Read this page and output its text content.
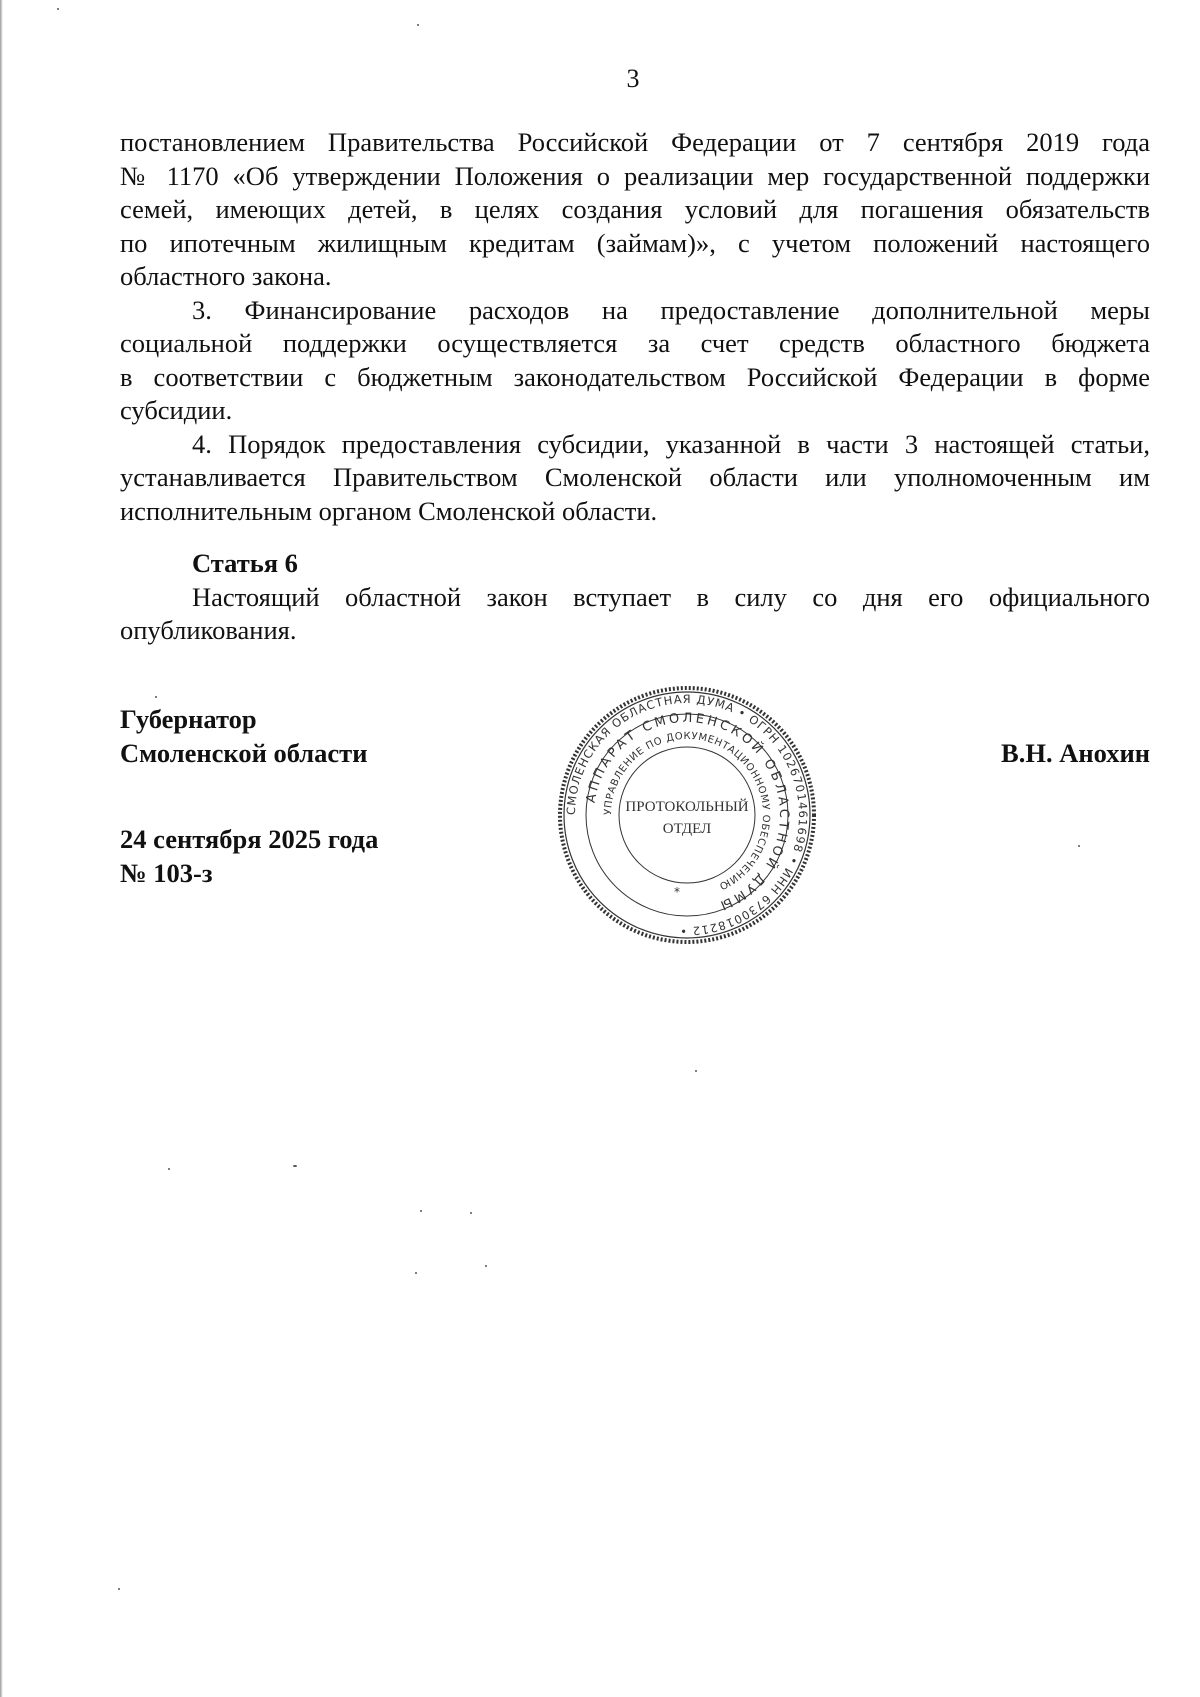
3

постановлением Правительства Российской Федерации от 7 сентября 2019 года
№ 1170 «Об утверждении Положения о реализации мер государственной поддержки
семей, имеющих детей, в целях создания условий для погашения обязательств
по ипотечным жилищным кредитам (займам)», с учетом положений настоящего
областного закона.

3. Финансирование расходов на предоставление дополнительной меры
социальной поддержки осуществляется за счет средств областного бюджета
в соответствии с бюджетным законодательством Российской Федерации в форме
субсидии.

4. Порядок предоставления субсидии, указанной в части 3 настоящей статьи,
устанавливается Правительством Смоленской области или уполномоченным им
исполнительным органом Смоленской области.

Статья 6

Настоящий областной закон вступает в силу со дня его официального
опубликования.

Губернатор
Смоленской области	В.Н. Анохин
24 сентября 2025 года
№ 103-з
СМОЛЕНСКАЯ ОБЛАСТНАЯ ДУМА • ОГРН 1026701461698 • ИНН 6730018212 •
АППАРАТ СМОЛЕНСКОЙ ОБЛАСТНОЙ ДУМЫ
УПРАВЛЕНИЕ ПО ДОКУМЕНТАЦИОННОМУ ОБЕСПЕЧЕНИЮ
ПРОТОКОЛЬНЫЙ
ОТДЕЛ
*
